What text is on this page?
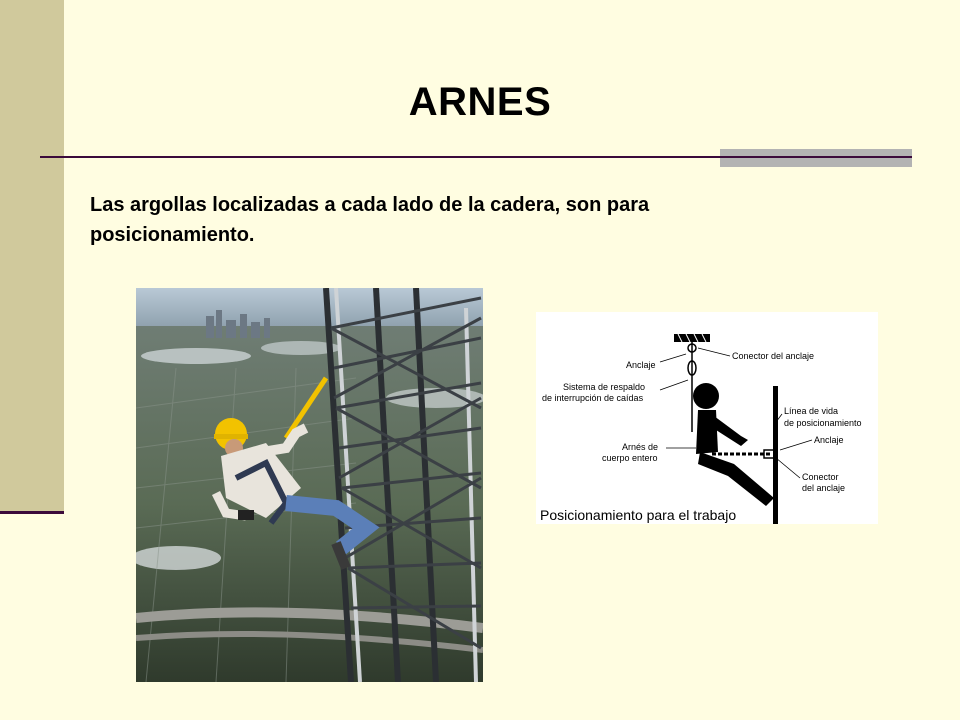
ARNES

Las argollas localizadas a cada lado de la cadera, son para posicionamiento.

Anclaje
Sistema de respaldo
de interrupción de caídas
Arnés de
cuerpo entero
Conector del anclaje
Línea de vida
de posicionamiento
Anclaje
Conector
del anclaje
Posicionamiento para el trabajo
